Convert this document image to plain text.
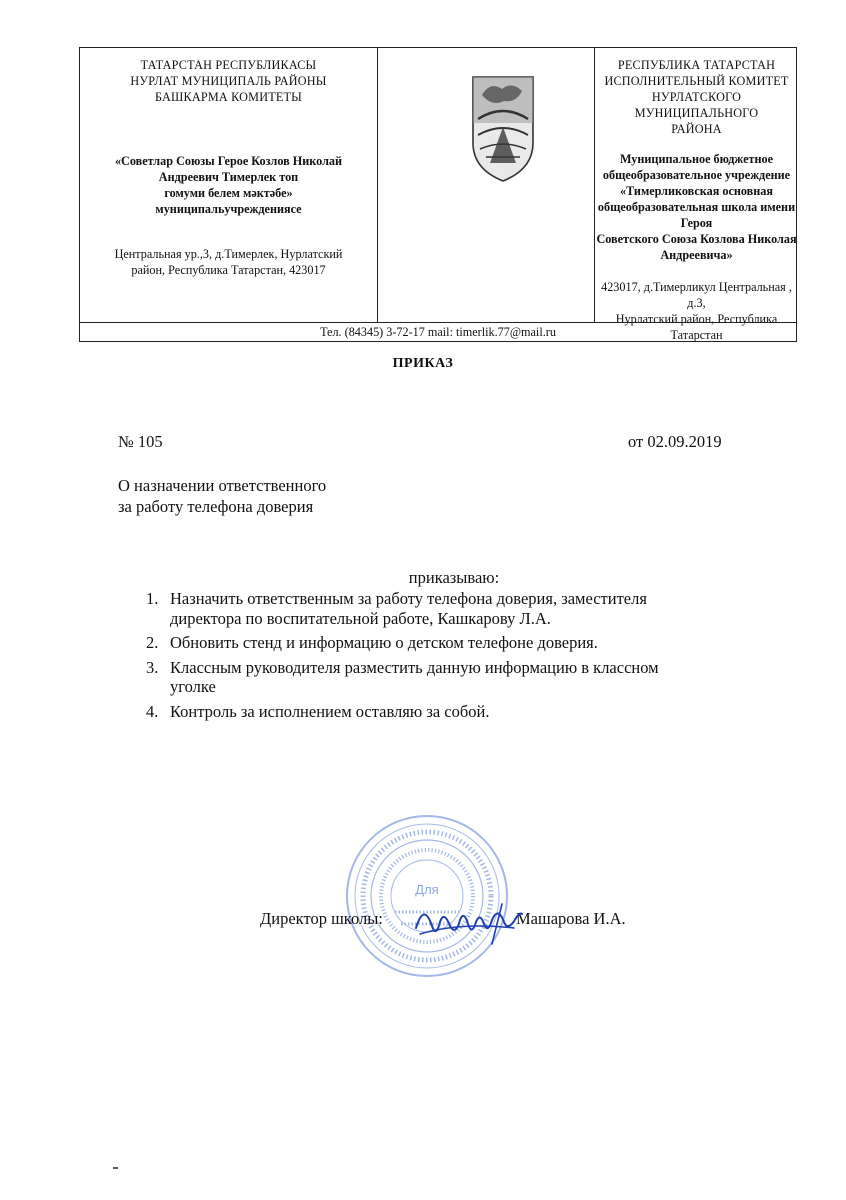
ТАТАРСТАН РЕСПУБЛИКАСЫ
НУРЛАТ МУНИЦИПАЛЬ РАЙОНЫ
БАШКАРМА КОМИТЕТЫ
«Советлар Союзы Герое Козлов Николай
Андреевич Тимерлек топ
гомуми белем мәктәбе»
муниципальучреждениясе
Центральная ур.,3, д.Тимерлек, Нурлатский
район, Республика Татарстан, 423017
РЕСПУБЛИКА ТАТАРСТАН
ИСПОЛНИТЕЛЬНЫЙ КОМИТЕТ
НУРЛАТСКОГО МУНИЦИПАЛЬНОГО
РАЙОНА
Муниципальное бюджетное
общеобразовательное учреждение
«Тимерликовская основная
общеобразовательная школа имени Героя
Советского Союза Козлова Николая
Андреевича»
423017, д.Тимерликул Центральная , д.3,
Нурлатский район, Республика Татарстан
Тел. (84345) 3-72-17 mail: timerlik.77@mail.ru
ПРИКАЗ
№ 105	от 02.09.2019
О назначении ответственного
за работу телефона доверия
приказываю:
1. Назначить ответственным за работу телефона доверия, заместителя
директора по воспитательной работе, Кашкарову Л.А.
2. Обновить стенд и информацию о детском телефоне доверия.
3. Классным руководителя разместить данную информацию в классном
уголке
4. Контроль за исполнением оставляю за собой.
Для
Директор школы:	Машарова И.А.
